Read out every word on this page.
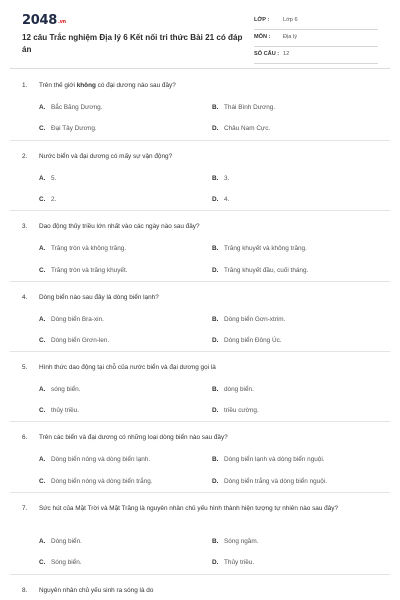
2048.vn
12 câu Trắc nghiệm Địa lý 6 Kết nối tri thức Bài 21 có đáp án
LỚP : Lớp 6
MÔN : Địa lý
SỐ CÂU : 12
1. Trên thế giới không có đại dương nào sau đây?
A. Bắc Băng Dương.	B. Thái Bình Dương.
C. Đại Tây Dương.	D. Châu Nam Cực.
2. Nước biển và đại dương có mấy sự vận động?
A. 5.	B. 3.
C. 2.	D. 4.
3. Dao động thủy triều lớn nhất vào các ngày nào sau đây?
A. Trăng tròn và không trăng.	B. Trăng khuyết và không trăng.
C. Trăng tròn và trăng khuyết.	D. Trăng khuyết đầu, cuối tháng.
4. Dòng biển nào sau đây là dòng biển lạnh?
A. Dòng biển Bra-xin.	B. Dòng biển Gơn-xtrim.
C. Dòng biển Grơn-len.	D. Dòng biển Đông Úc.
5. Hình thức dao động tại chỗ của nước biển và đại dương gọi là
A. sóng biển.	B. dòng biển.
C. thủy triều.	D. triều cường.
6. Trên các biển và đại dương có những loại dòng biển nào sau đây?
A. Dòng biển nóng và dòng biển lạnh.	B. Dòng biển lạnh và dòng biển nguội.
C. Dòng biển nóng và dòng biển trắng.	D. Dòng biển trắng và dòng biển nguội.
7. Sức hút của Mặt Trời và Mặt Trăng là nguyên nhân chủ yếu hình thành hiện tượng tự nhiên nào sau đây?
A. Dòng biển.	B. Sóng ngầm.
C. Sóng biển.	D. Thủy triều.
8. Nguyên nhân chủ yếu sinh ra sóng là do
